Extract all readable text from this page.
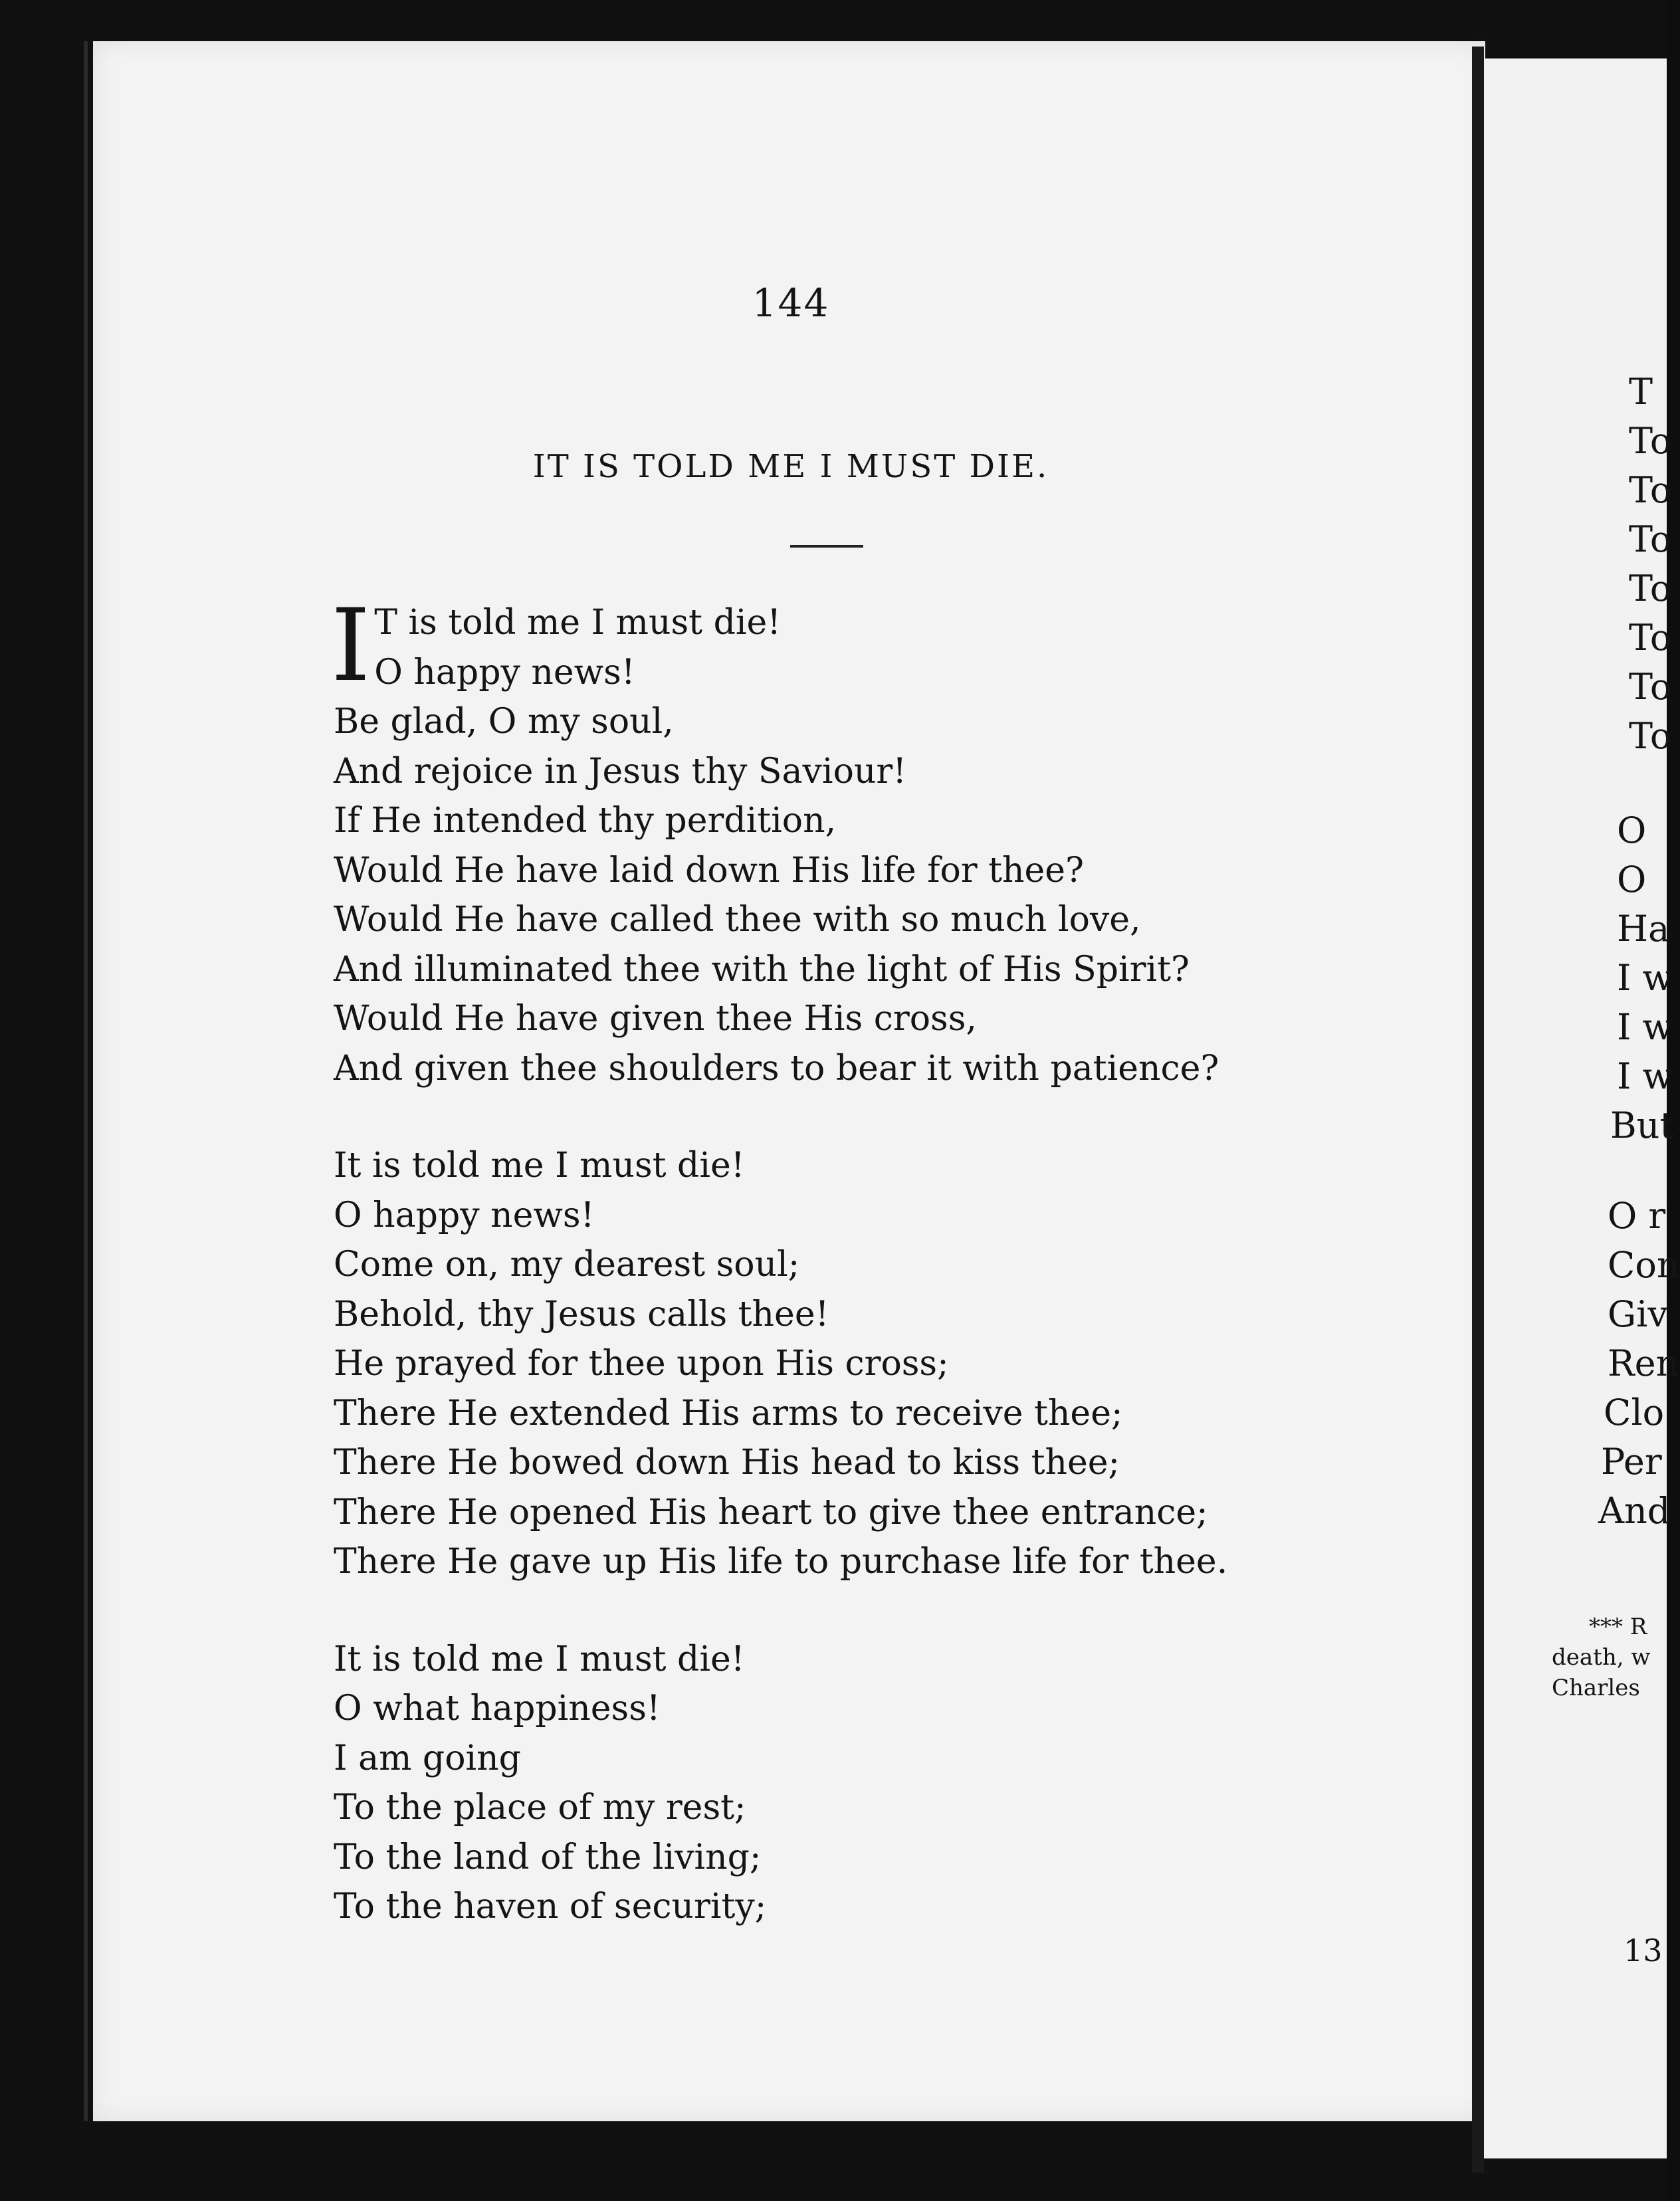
144
IT IS TOLD ME I MUST DIE.
I T is told me I must die!
O happy news!
Be glad, O my soul,
And rejoice in Jesus thy Saviour!
If He intended thy perdition,
Would He have laid down His life for thee?
Would He have called thee with so much love,
And illuminated thee with the light of His Spirit?
Would He have given thee His cross,
And given thee shoulders to bear it with patience?
It is told me I must die!
O happy news!
Come on, my dearest soul;
Behold, thy Jesus calls thee!
He prayed for thee upon His cross;
There He extended His arms to receive thee;
There He bowed down His head to kiss thee;
There He opened His heart to give thee entrance;
There He gave up His life to purchase life for thee.
It is told me I must die!
O what happiness!
I am going
To the place of my rest;
To the land of the living;
To the haven of security;
T
To
To
To
To
To
To
To
O
O
Ha
I w
I w
I w
But
O r
Con
Giv
Ren
Clo
Per
And
*** R
death, w
Charles
13
